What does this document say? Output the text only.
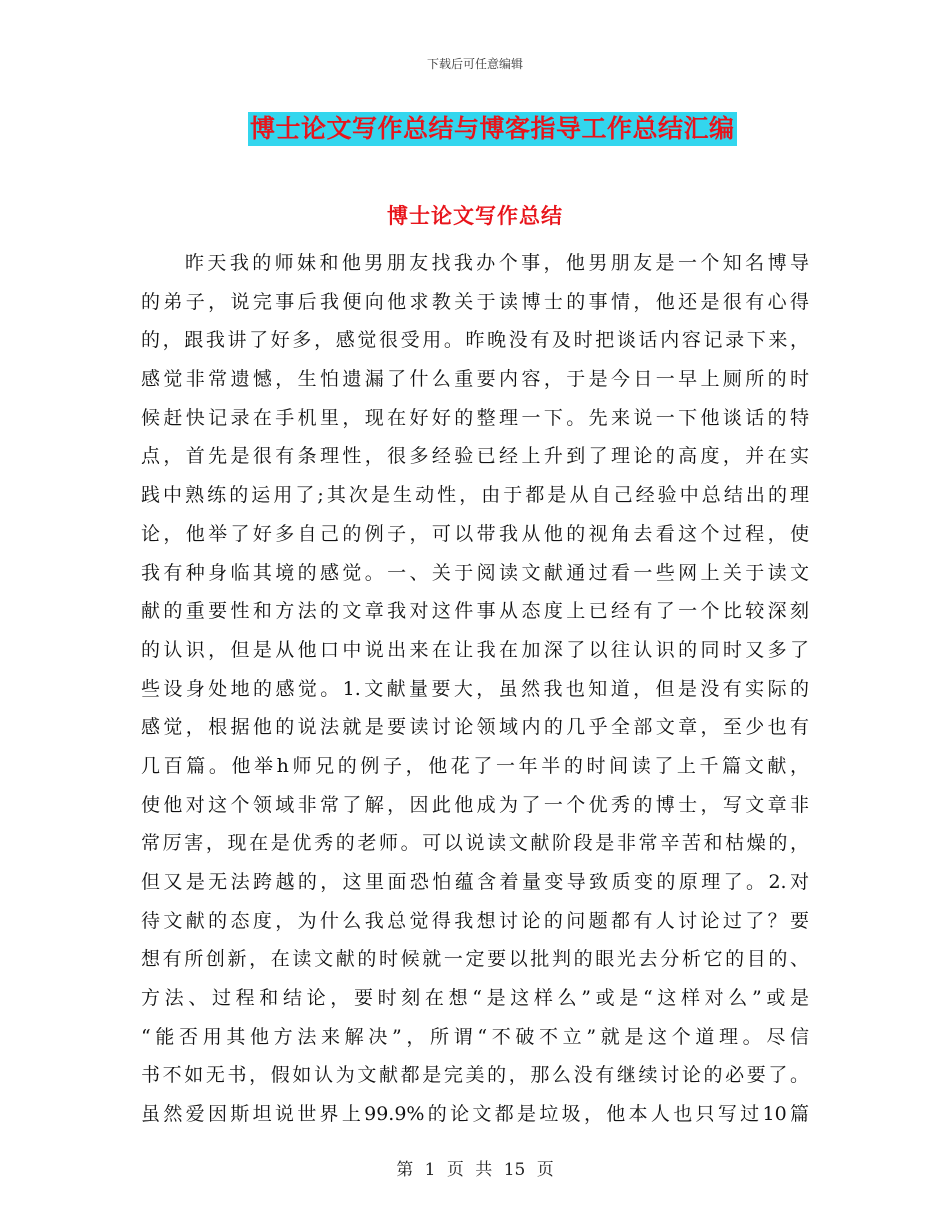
下载后可任意编辑
博士论文写作总结与博客指导工作总结汇编
博士论文写作总结
昨天我的师妹和他男朋友找我办个事，他男朋友是一个知名博导
的弟子，说完事后我便向他求教关于读博士的事情，他还是很有心得
的，跟我讲了好多，感觉很受用。昨晚没有及时把谈话内容记录下来，
感觉非常遗憾，生怕遗漏了什么重要内容，于是今日一早上厕所的时
候赶快记录在手机里，现在好好的整理一下。先来说一下他谈话的特
点，首先是很有条理性，很多经验已经上升到了理论的高度，并在实
践中熟练的运用了;其次是生动性，由于都是从自己经验中总结出的理
论，他举了好多自己的例子，可以带我从他的视角去看这个过程，使
我有种身临其境的感觉。一、关于阅读文献通过看一些网上关于读文
献的重要性和方法的文章我对这件事从态度上已经有了一个比较深刻
的认识，但是从他口中说出来在让我在加深了以往认识的同时又多了
些设身处地的感觉。1.文献量要大，虽然我也知道，但是没有实际的
感觉，根据他的说法就是要读讨论领域内的几乎全部文章，至少也有
几百篇。他举h师兄的例子，他花了一年半的时间读了上千篇文献，
使他对这个领域非常了解，因此他成为了一个优秀的博士，写文章非
常厉害，现在是优秀的老师。可以说读文献阶段是非常辛苦和枯燥的，
但又是无法跨越的，这里面恐怕蕴含着量变导致质变的原理了。2.对
待文献的态度，为什么我总觉得我想讨论的问题都有人讨论过了？要
想有所创新，在读文献的时候就一定要以批判的眼光去分析它的目的、
方法、过程和结论，要时刻在想“是这样么”或是“这样对么”或是
“能否用其他方法来解决”，所谓“不破不立”就是这个道理。尽信
书不如无书，假如认为文献都是完美的，那么没有继续讨论的必要了。
虽然爱因斯坦说世界上99.9%的论文都是垃圾，他本人也只写过10篇
第 1 页 共 15 页
